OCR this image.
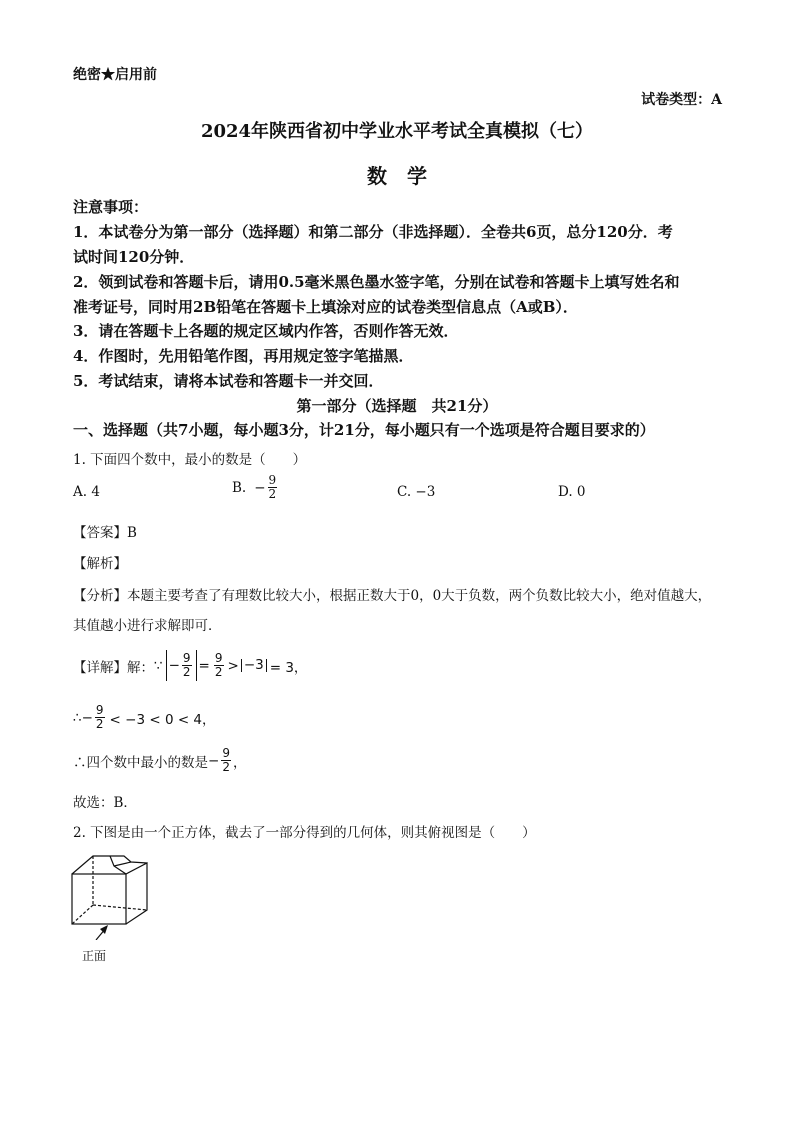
绝密★启用前
试卷类型：A
2024年陕西省初中学业水平考试全真模拟（七）
数　学
注意事项：
1．本试卷分为第一部分（选择题）和第二部分（非选择题）．全卷共6页，总分120分．考
试时间120分钟．
2．领到试卷和答题卡后，请用0.5毫米黑色墨水签字笔，分别在试卷和答题卡上填写姓名和
准考证号，同时用2B铅笔在答题卡上填涂对应的试卷类型信息点（A或B）．
3．请在答题卡上各题的规定区域内作答，否则作答无效．
4．作图时，先用铅笔作图，再用规定签字笔描黑．
5．考试结束，请将本试卷和答题卡一并交回．
第一部分（选择题　共21分）
一、选择题（共7小题，每小题3分，计21分，每小题只有一个选项是符合题目要求的）
1. 下面四个数中，最小的数是（　　）
A. 4	B. − $\frac{9}{2}$	C. −3	D. 0
【答案】B
【解析】
【分析】本题主要考查了有理数比较大小，根据正数大于0，0大于负数，两个负数比较大小，绝对值越大，
其值越小进行求解即可．
【详解】解： ∵ − $\frac{9}{2} = \frac{9}{2} > -3 = 3$，
∴ − $\frac{9}{2} < -3 < 0 < 4$，
∴四个数中最小的数是 − $\frac{9}{2}$ ，
故选：B．
2. 下图是由一个正方体，截去了一部分得到的几何体，则其俯视图是（　　）
正面
